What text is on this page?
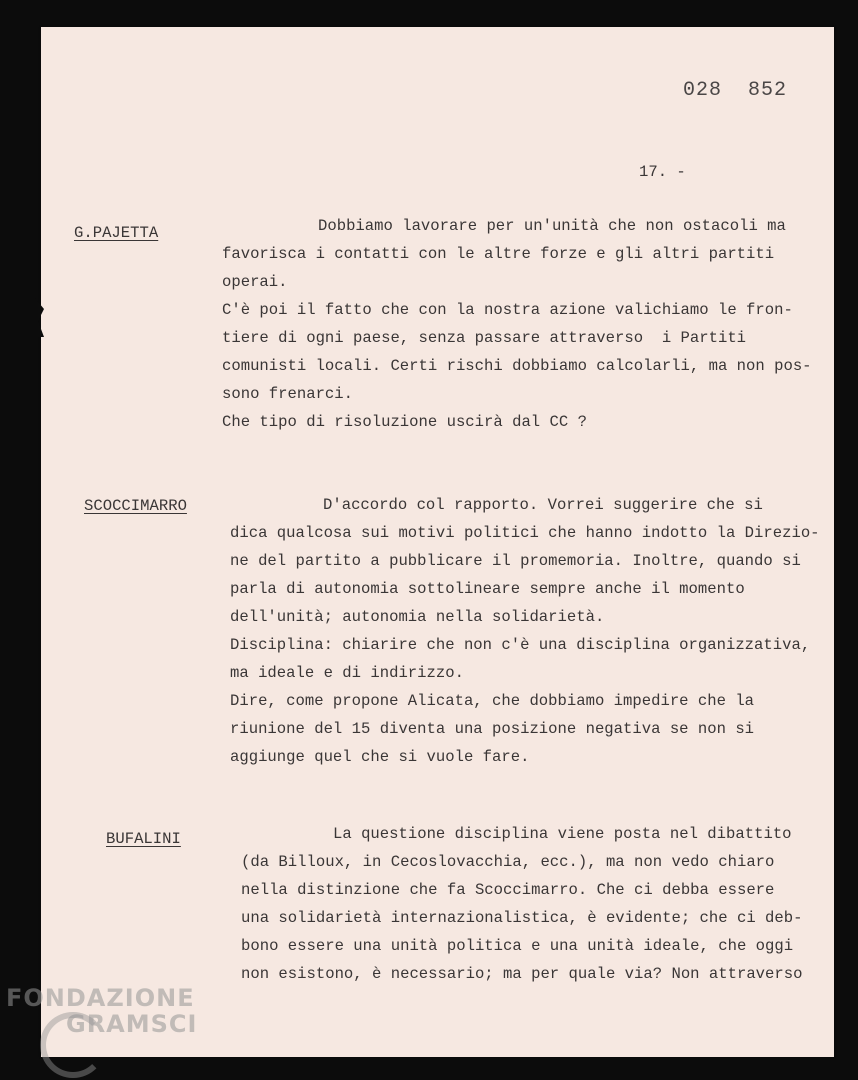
028  852
17. -
G.PAJETTA	Dobbiamo lavorare per un'unità che non ostacoli ma
favorisca i contatti con le altre forze e gli altri partiti
operai.
C'è poi il fatto che con la nostra azione valichiamo le fron-
tiere di ogni paese, senza passare attraverso  i Partiti
comunisti locali. Certi rischi dobbiamo calcolarli, ma non pos-
sono frenarci.
Che tipo di risoluzione uscirà dal CC ?
SCOCCIMARRO	D'accordo col rapporto. Vorrei suggerire che si
dica qualcosa sui motivi politici che hanno indotto la Direzio-
ne del partito a pubblicare il promemoria. Inoltre, quando si
parla di autonomia sottolineare sempre anche il momento
dell'unità; autonomia nella solidarietà.
Disciplina: chiarire che non c'è una disciplina organizzativa,
ma ideale e di indirizzo.
Dire, come propone Alicata, che dobbiamo impedire che la
riunione del 15 diventa una posizione negativa se non si
aggiunge quel che si vuole fare.
BUFALINI	La questione disciplina viene posta nel dibattito
(da Billoux, in Cecoslovacchia, ecc.), ma non vedo chiaro
nella distinzione che fa Scoccimarro. Che ci debba essere
una solidarietà internazionalistica, è evidente; che ci deb-
bono essere una unità politica e una unità ideale, che oggi
non esistono, è necessario; ma per quale via? Non attraverso
FONDAZIONE
GRAMSCI
